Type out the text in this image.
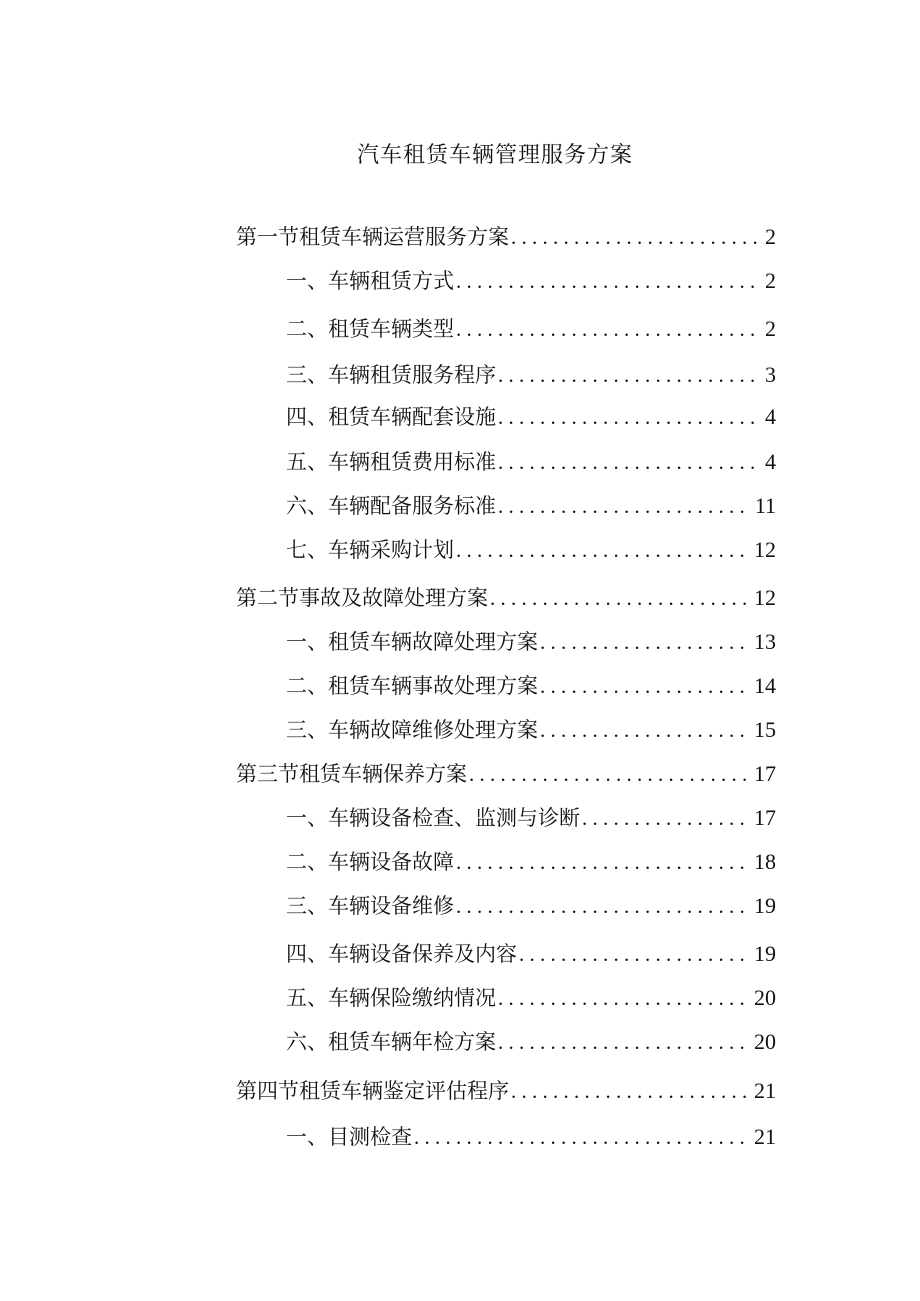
汽车租赁车辆管理服务方案
第一节租赁车辆运营服务方案 . . .	2
一、车辆租赁方式 . . .	2
二、租赁车辆类型 . . .	2
三、车辆租赁服务程序 . . .	3
四、租赁车辆配套设施 . . .	4
五、车辆租赁费用标准 . . .	4
六、车辆配备服务标准 . . .	11
七、车辆采购计划 . . .	12
第二节事故及故障处理方案 . . .	12
一、租赁车辆故障处理方案 . . .	13
二、租赁车辆事故处理方案 . . .	14
三、车辆故障维修处理方案 . . .	15
第三节租赁车辆保养方案 . . .	17
一、车辆设备检查、监测与诊断 . . .	17
二、车辆设备故障 . . .	18
三、车辆设备维修 . . .	19
四、车辆设备保养及内容 . . .	19
五、车辆保险缴纳情况 . . .	20
六、租赁车辆年检方案 . . .	20
第四节租赁车辆鉴定评估程序 . . .	21
一、目测检查 . . .	21
